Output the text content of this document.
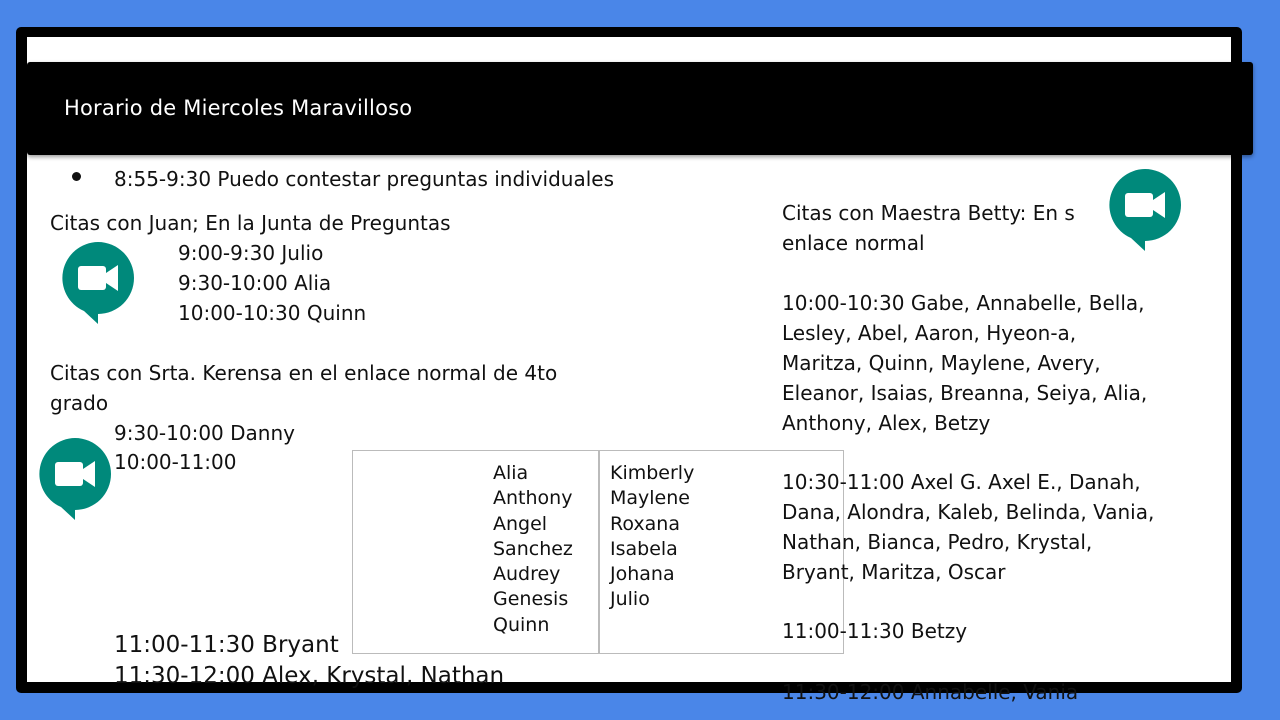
Horario de Miercoles Maravilloso
8:55-9:30 Puedo contestar preguntas individuales
Citas con Juan; En la Junta de Preguntas
9:00-9:30 Julio
9:30-10:00 Alia
10:00-10:30 Quinn
Citas con Srta. Kerensa en el enlace normal de 4to
grado
9:30-10:00 Danny
10:00-11:00
11:00-11:30 Bryant
11:30-12:00 Alex, Krystal, Nathan
Alia
Anthony
Angel
Sanchez
Audrey
Genesis
Quinn
Kimberly
Maylene
Roxana
Isabela
Johana
Julio
Citas con Maestra Betty: En s
enlace normal
10:00-10:30 Gabe, Annabelle, Bella,
Lesley, Abel, Aaron, Hyeon-a,
Maritza, Quinn, Maylene, Avery,
Eleanor, Isaias, Breanna, Seiya, Alia,
Anthony, Alex, Betzy
10:30-11:00 Axel G. Axel E., Danah,
Dana, Alondra, Kaleb, Belinda, Vania,
Nathan, Bianca, Pedro, Krystal,
Bryant, Maritza, Oscar
11:00-11:30 Betzy
11:30-12:00 Annabelle, Vania
